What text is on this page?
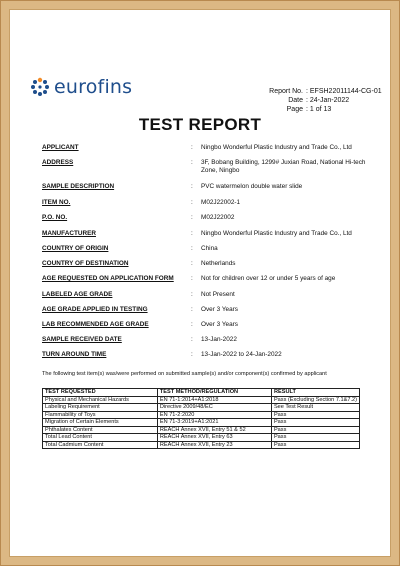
eurofins	Report No. : EFSH22011144-CG-01
Date : 24-Jan-2022
Page : 1 of 13
TEST REPORT
APPLICANT	: Ningbo Wonderful Plastic Industry and Trade Co., Ltd
ADDRESS	: 3F, Bobang Building, 1299# Juxian Road, National Hi-tech Zone, Ningbo
SAMPLE DESCRIPTION	: PVC watermelon double water slide
ITEM NO.	: M02J22002-1
P.O. NO.	: M02J22002
MANUFACTURER	: Ningbo Wonderful Plastic Industry and Trade Co., Ltd
COUNTRY OF ORIGIN	: China
COUNTRY OF DESTINATION	: Netherlands
AGE REQUESTED ON APPLICATION FORM	: Not for children over 12 or under 5 years of age
LABELED AGE GRADE	: Not Present
AGE GRADE APPLIED IN TESTING	: Over 3 Years
LAB RECOMMENDED AGE GRADE	: Over 3 Years
SAMPLE RECEIVED DATE	: 13-Jan-2022
TURN AROUND TIME	: 13-Jan-2022 to 24-Jan-2022
The following test item(s) was/were performed on submitted sample(s) and/or component(s) confirmed by applicant
TEST REQUESTED	TEST METHOD/REGULATION	RESULT
Physical and Mechanical Hazards	EN 71-1:2014+A1:2018	Pass (Excluding Section 7.1&7.2)
Labeling Requirement	Directive 2009/48/EC	See Test Result
Flammability of Toys	EN 71-2:2020	Pass
Migration of Certain Elements	EN 71-3:2019+A1:2021	Pass
Phthalates Content	REACH Annex XVII, Entry 51 & 52	Pass
Total Lead Content	REACH Annex XVII, Entry 63	Pass
Total Cadmium Content	REACH Annex XVII, Entry 23	Pass
